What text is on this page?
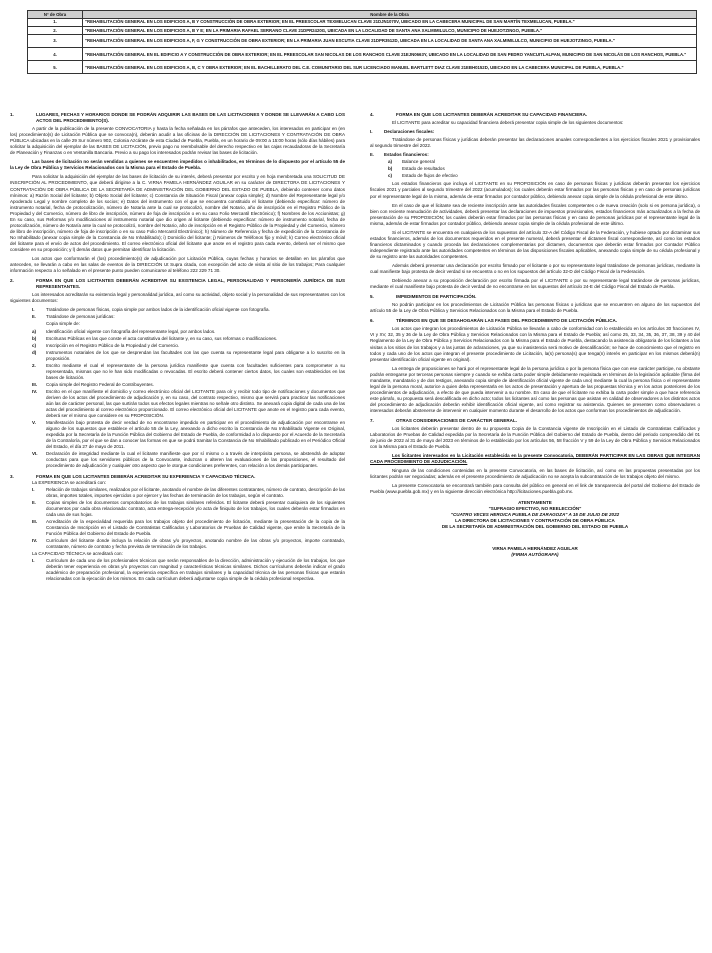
N° de Obra	Nombre de la Obra
1.	"REHABILITACIÓN GENERAL EN LOS EDIFICIOS A, B Y CONSTRUCCIÓN DE OBRA EXTERIOR; EN EL PREESCOLAR TEXMELUCAN CLAVE 21DJN1070V, UBICADO EN LA CABECERA MUNICIPAL DE SAN MARTÍN TEXMELUCAN, PUEBLA."
2.	"REHABILITACIÓN GENERAL EN LOS EDIFICIOS A, B Y E; EN LA PRIMARIA RAFAEL SERRANO CLAVE 21DPR2420G, UBICADA EN LA LOCALIDAD DE SANTA ANA XALMIMILULCO, MUNICIPIO DE HUEJOTZINGO, PUEBLA."
3.	"REHABILITACIÓN GENERAL EN LOS EDIFICIOS A, F, G Y CONSTRUCCIÓN DE OBRA EXTERIOR; EN LA PRIMARIA JUAN ESCUTIA CLAVE 21DPR3512D, UBICADA EN LA LOCALIDAD DE SANTA ANA XALMIMILULCO, MUNICIPIO DE HUEJOTZINGO, PUEBLA."
4.	"REHABILITACIÓN GENERAL EN EL EDIFICIO A Y CONSTRUCCIÓN DE OBRA EXTERIOR; EN EL PREESCOLAR SAN NICOLAS DE LOS RANCHOS CLAVE 21EJN0663Y, UBICADO EN LA LOCALIDAD DE SAN PEDRO YANCUITLALPAN, MUNICIPIO DE SAN NICOLÁS DE LOS RANCHOS, PUEBLA."
5.	"REHABILITACIÓN GENERAL EN LOS EDIFICIOS A, B, C Y OBRA EXTERIOR; EN EL BACHILLERATO DEL C.E. COMUNITARIO DEL SUR LICENCIADO MANUEL BARTLETT DIAZ CLAVE 21EBH0152D, UBICADO EN LA CABECERA MUNICIPAL DE PUEBLA, PUEBLA."
1.	LUGARES, FECHAS Y HORARIOS DONDE SE PODRÁN ADQUIRIR LAS BASES DE LAS LICITACIONES Y DONDE SE LLEVARÁN A CABO LOS ACTOS DEL PROCEDIMIENTO(S).
A partir de la publicación de la presente CONVOCATORIA y hasta la fecha señalada en los párrafos que anteceden, los interesados en participar en (en los) procedimiento(s) de Licitación Pública que se convoca(n), deberán acudir a las oficinas de la DIRECCIÓN DE LICITACIONES Y CONTRATACIÓN DE OBRA PÚBLICA ubicadas en la calle 29 Sur número 902, Colonia Azcárate de esta Ciudad de Puebla, Puebla, en un horario de 09:00 a 15:00 horas (sólo días hábiles) para solicitar la adquisición del ejemplar de las BASES DE LICITACIÓN, previo pago no reembolsable del derecho respectivo en las cajas recaudadoras de la Secretaría de Planeación y Finanzas o en Ventanilla Bancaria. Previo a su pago los interesados podrán revisar las bases de licitación.
Las bases de licitación no serán vendidas a quienes se encuentren impedidos o inhabilitados, en términos de lo dispuesto por el artículo 55 de la Ley de Obra Pública y Servicios Relacionados con la Misma para el Estado de Puebla.
Para solicitar la adquisición del ejemplar de las bases de licitación de su interés, deberá presentar por escrito y en hoja membretada una SOLICITUD DE INSCRIPCIÓN AL PROCEDIMIENTO, que deberá dirigirse a la C. VIRNA PAMELA HERNÁNDEZ AGUILAR en su carácter de DIRECTORA DE LICITACIONES Y CONTRATACIÓN DE OBRA PÚBLICA DE LA SECRETARÍA DE ADMINISTRACIÓN DEL GOBIERNO DEL ESTADO DE PUEBLA, debiendo contener como datos mínimos: a) Razón Social del licitante; b) Objeto Social del licitante; c) Constancia de Situación Fiscal (anexar copia simple); d) Nombre del Representante legal y/o Apoderado Legal y nombre completo de los socios; e) Datos del instrumento con el que se encuentra constituido el licitante (debiendo especificar: número de instrumento notarial, fecha de protocolización, número de Notaría ante la cual se protocolizó, nombre del Notario, año de inscripción en el Registro Público de la Propiedad y del Comercio, número de libro de inscripción, número de foja de inscripción o en su caso Folio Mercantil Electrónico); f) Nombres de los Accionistas; g) En su caso, sus Reformas y/o modificaciones al instrumento notarial que dio origen al licitante (debiendo especificar: número de instrumento notarial, fecha de protocolización, número de Notaría ante la cual se protocolizó, nombre del Notario, año de inscripción en el Registro Público de la Propiedad y del Comercio, número de libro de inscripción, número de foja de inscripción o en su caso Folio Mercantil Electrónico); h) Número de Referencia y fecha de expedición de la Constancia de No Inhabilitado (anexar copia simple de la Constancia de No Inhabilitado); i) Domicilio del licitante; j) Números de Teléfonos fijo y móvil; k) Correo electrónico oficial del licitante para el envío de actos del procedimiento. El correo electrónico oficial del licitante que anote en el registro para cada evento, deberá ser el mismo que considere en su proposición; y l) demás datos que permitan identificar la licitación.
Los actos que conformarán el (los) procedimiento(s) de adjudicación por Licitación Pública, cuyas fechas y horarios se detallan en los párrafos que anteceden, se llevarán a cabo en las salas de eventos de la DIRECCIÓN Ut Supra citada, con excepción del acto de visita al sitio de los trabajos; Para cualquier información respecto a lo señalado en el presente punto pueden comunicarse al teléfono 222 229 71 30.
2.	FORMA EN QUE LOS LICITANTES DEBERÁN ACREDITAR SU EXISTENCIA LEGAL, PERSONALIDAD Y PERSONERÍA JURÍDICA DE SUS REPRESENTANTES.
Los interesados acreditarán su existencia legal y personalidad jurídica, así como su actividad, objeto social y la personalidad de sus representantes con los siguientes documentos:
I.	Tratándose de personas físicas, copia simple por ambos lados de la identificación oficial vigente con fotografía.
II.	Tratándose de personas jurídicas:
Copia simple de:
a)	Identificación oficial vigente con fotografía del representante legal, por ambos lados.
b)	Escrituras Públicas en las que conste el acta constitutiva del licitante y, en su caso, sus reformas o modificaciones.
c)	Inscripción en el Registro Público de la Propiedad y del Comercio.
d)	Instrumentos notariales de los que se desprendan las facultades con las que cuenta su representante legal para obligarse a lo suscrito en la proposición.
2.	Escrito mediante el cual el representante de la persona jurídica manifieste que cuenta con facultades suficientes para comprometer a su representada, mismas que no le han sido modificadas o revocadas. El escrito deberá contener ciertos datos, los cuales son establecidos en las bases de licitación.
III.	Copia simple del Registro Federal de Contribuyentes.
IV.	Escrito en el que manifieste el domicilio y correo electrónico oficial del LICITANTE para oír y recibir todo tipo de notificaciones y documentos que deriven de los actos del procedimiento de adjudicación y, en su caso, del contrato respectivo, mismo que servirá para practicar las notificaciones aún las de carácter personal, las que surtirán todos sus efectos legales mientras no señale otro distinto. Se anexará copia digital de cada una de las actas del procedimiento al correo electrónico proporcionado. El correo electrónico oficial del LICITANTE que anote en el registro para cada evento, deberá ser el mismo que considere en su PROPOSICIÓN.
V.	Manifestación bajo protesta de decir verdad de no encontrarse impedido en participar en el procedimiento de adjudicación por encontrarse en alguno de los supuestos que establece el artículo 55 de la Ley, anexando a dicho escrito la Constancia de No Inhabilitado Vigente en Original, expedida por la Secretaría de la Función Pública del Gobierno del Estado de Puebla, de conformidad a lo dispuesto por el Acuerdo de la Secretaría de la Contraloría, por el que se dan a conocer las formas en que se podrá tramitar la Constancia de No Inhabilitado publicado en el Periódico Oficial del Estado, el día 27 de mayo de 2011.
VI.	Declaración de integridad mediante la cual el licitante manifieste que por sí mismo o a través de interpósita persona, se abstendrá de adoptar conductas para que los servidores públicos de la Convocante, induzcan o alteren las evaluaciones de las proposiciones, el resultado del procedimiento de adjudicación y cualquier otro aspecto que le otorgue condiciones preferentes, con relación a los demás participantes.
3.	FORMA EN QUE LOS LICITANTES DEBERÁN ACREDITAR SU EXPERIENCIA Y CAPACIDAD TÉCNICA.
La EXPERIENCIA se acreditará con:
I.	Relación de trabajos similares, realizados por el licitante, anotando el nombre de las diferentes contratantes, número de contrato, descripción de las obras, importes totales, importes ejercidos o por ejercer y las fechas de terminación de los trabajos, según el contrato.
II.	Copias simples de los documentos comprobatorios de los trabajos similares referidos. El licitante deberá presentar cualquiera de los siguientes documentos por cada obra relacionada: contrato, acta entrega-recepción y/o acta de finiquito de los trabajos, los cuales deberán estar firmados en cada una de sus hojas.
III.	Acreditación de la especialidad requerida para los trabajos objeto del procedimiento de licitación, mediante la presentación de la copia de la Constancia de Inscripción en el Listado de Contratistas Calificados y Laboratorios de Pruebas de Calidad vigente, que emite la Secretaría de la Función Pública del Gobierno del Estado de Puebla.
IV.	Currículum del licitante donde incluya la relación de obras y/o proyectos, anotando nombre de las obras y/o proyectos, importe contratado, contratante, número de contrato y fecha prevista de terminación de los trabajos.
La CAPACIDAD TÉCNICA se acreditará con:
I.	Currículum de cada uno de los profesionales técnicos que serán responsables de la dirección, administración y ejecución de los trabajos, los que deberán tener experiencia en obras y/o proyectos con magnitud y características técnicas similares. Dichos currículums deberán indicar el grado académico de preparación profesional, la experiencia específica en trabajos similares y la capacidad técnica de las personas físicas que estarán relacionadas con la ejecución de los mismos. En cada currículum deberá adjuntarse copia simple de la cédula profesional respectiva.
4.	FORMA EN QUE LOS LICITANTES DEBERÁN ACREDITAR SU CAPACIDAD FINANCIERA.
El LICITANTE para acreditar su capacidad financiera deberá presentar copia simple de los siguientes documentos:
I.	Declaraciones fiscales:
Tratándose de personas físicas y jurídicas deberán presentar las declaraciones anuales correspondientes a los ejercicios fiscales 2021 y provisionales al segundo trimestre del 2022.
II.	Estados financieros:
a)	Balance general
b)	Estado de resultados
c)	Estado de flujos de efectivo
Los estados financieros que incluya el LICITANTE en su PROPOSICIÓN en caso de personas físicas y jurídicas deberán presentar los ejercicios fiscales 2021 y parciales al segundo trimestre del 2022 (acumulados); los cuales deberán estar firmados por las personas físicas y en caso de personas jurídicas por el representante legal de la misma, además de estar firmados por contador público, debiendo anexar copia simple de la cédula profesional de este último.
En el caso de que el licitante sea de reciente inscripción ante las autoridades fiscales competentes o de nueva creación (solo si es persona jurídica), o bien con reciente reanudación de actividades, deberá presentar las declaraciones de impuestos provisionales, estados financieros más actualizados a la fecha de presentación de su PROPOSICIÓN; los cuales deberán estar firmados por las personas físicas y en caso de personas jurídicas por el representante legal de la misma, además de estar firmados por contador público, debiendo anexar copia simple de la cédula profesional de este último.
Si el LICITANTE se encuentra en cualquiera de los supuestos del artículo 32-A del Código Fiscal de la Federación, y hubiese optado por dictaminar sus estados financieros, además de los documentos requeridos en el presente numeral, deberá presentar el dictamen fiscal correspondiente, así como los estados financieros dictaminados y cuando proceda las declaraciones complementarias por dictamen, documentos que deberán estar firmados por Contador Público independiente registrado ante las autoridades competentes en términos de las disposiciones fiscales aplicables, anexando copia simple de su cédula profesional y de su registro ante las autoridades competentes.
Además deberá presentar una declaración por escrito firmado por el licitante o por su representante legal tratándose de personas jurídicas, mediante la cual manifieste bajo protesta de decir verdad si se encuentra o no en los supuestos del artículo 32-D del Código Fiscal de la Federación.
Debiendo anexar a su proposición declaración por escrito firmada por el LICITANTE o por su representante legal tratándose de personas jurídicas, mediante el cual manifieste bajo protesta de decir verdad de no encontrarse en los supuestos del artículo 24-E del Código Fiscal del Estado de Puebla.
5.	IMPEDIMENTOS DE PARTICIPACIÓN.
No podrán participar en los procedimientos de Licitación Pública las personas físicas o jurídicas que se encuentren en alguno de los supuestos del artículo 55 de la Ley de Obra Pública y Servicios Relacionados con la Misma para el Estado de Puebla.
6.	TÉRMINOS EN QUE SE DESAHOGARÁN LAS FASES DEL PROCEDIMIENTO DE LICITACIÓN PÚBLICA.
Los actos que integran los procedimientos de Licitación Pública se llevarán a cabo de conformidad con lo establecido en los artículos 30 fracciones IV, VI y XV, 32, 35 y 36 de la Ley de Obra Pública y Servicios Relacionados con la Misma para el Estado de Puebla; así como 25, 33, 34, 35, 36, 37, 38, 39 y 40 del Reglamento de la Ley de Obra Pública y Servicios Relacionados con la Misma para el Estado de Puebla, destacando la asistencia obligatoria de los licitantes a las visitas a los sitios de los trabajos y a las juntas de aclaraciones, ya que su inasistencia será motivo de descalificación; se hace de conocimiento que el registro en todos y cada uno de los actos que integran el presente procedimiento de Licitación, la(s) persona(s) que tenga(n) interés en participar en los mismos deberá(n) presentar identificación oficial vigente en original).
La entrega de proposiciones se hará por el representante legal de la persona jurídica o por la persona física que con ese carácter participe, no obstante podrán entregarse por terceras personas siempre y cuando se exhiba carta poder simple debidamente requisitada en términos de la legislación aplicable (firma del mandante, mandatario y de dos testigos, anexando copia simple de identificación oficial vigente de cada uno) mediante la cual la persona física o el representante legal de la persona moral, autorice a quien deba representarla en los actos de presentación y apertura de las propuestas técnica y en los actos posteriores de los procedimientos de adjudicación, a efecto de que pueda intervenir a su nombre. En caso de que el licitante no exhiba la carta poder simple a que hace referencia este párrafo, su propuesta será descalificada en dicho acto; todos los licitantes así como las personas que asistan en calidad de observadores a los distintos actos del procedimiento de adjudicación deberán exhibir identificación oficial vigente, así como registrar su asistencia. Quienes se presenten como observadores o interesados deberán abstenerse de intervenir en cualquier momento durante el desarrollo de los actos que conforman los procedimientos de adjudicación.
7.	OTRAS CONSIDERACIONES DE CARÁCTER GENERAL.
Los licitantes deberán presentar dentro de su propuesta Copia de la Constancia vigente de Inscripción en el Listado de Contratistas Calificados y Laboratorios de Pruebas de Calidad expedida por la Secretaría de la Función Pública del Gobierno del Estado de Puebla, dentro del periodo comprendido del 01 de junio de 2022 al 31 de mayo del 2023 en términos de lo establecido por los artículos 56, 58 fracción V y 59 de la Ley de Obra Pública y Servicios Relacionados con la Misma para el Estado de Puebla.
Los licitantes interesados en la Licitación establecida en la presente Convocatoria, DEBERÁN PARTICIPAR EN LAS OBRAS QUE INTEGRAN CADA PROCEDIMIENTO DE ADJUDICACIÓN.
Ninguna de las condiciones contenidas en la presente Convocatoria, en las bases de licitación, así como en las propuestas presentadas por los licitantes podrán ser negociadas; además en el presente procedimiento de adjudicación no se acepta la subcontratación de los trabajos objeto del mismo.
La presente Convocatoria se encontrará también para consulta del público en general en el link de transparencia del portal del Gobierno del Estado de Puebla (www.puebla.gob.mx) y en la siguiente dirección electrónica http://licitaciones.puebla.gob.mx.
ATENTAMENTE
"SUFRAGIO EFECTIVO, NO REELECCIÓN"
"CUATRO VECES HEROICA PUEBLA DE ZARAGOZA" A 15 DE JULIO DE 2022
LA DIRECTORA DE LICITACIONES Y CONTRATACIÓN DE OBRA PÚBLICA
DE LA SECRETARÍA DE ADMINISTRACIÓN DEL GOBIERNO DEL ESTADO DE PUEBLA
VIRNA PAMELA HERNÁNDEZ AGUILAR
(FIRMA AUTÓGRAFA)
